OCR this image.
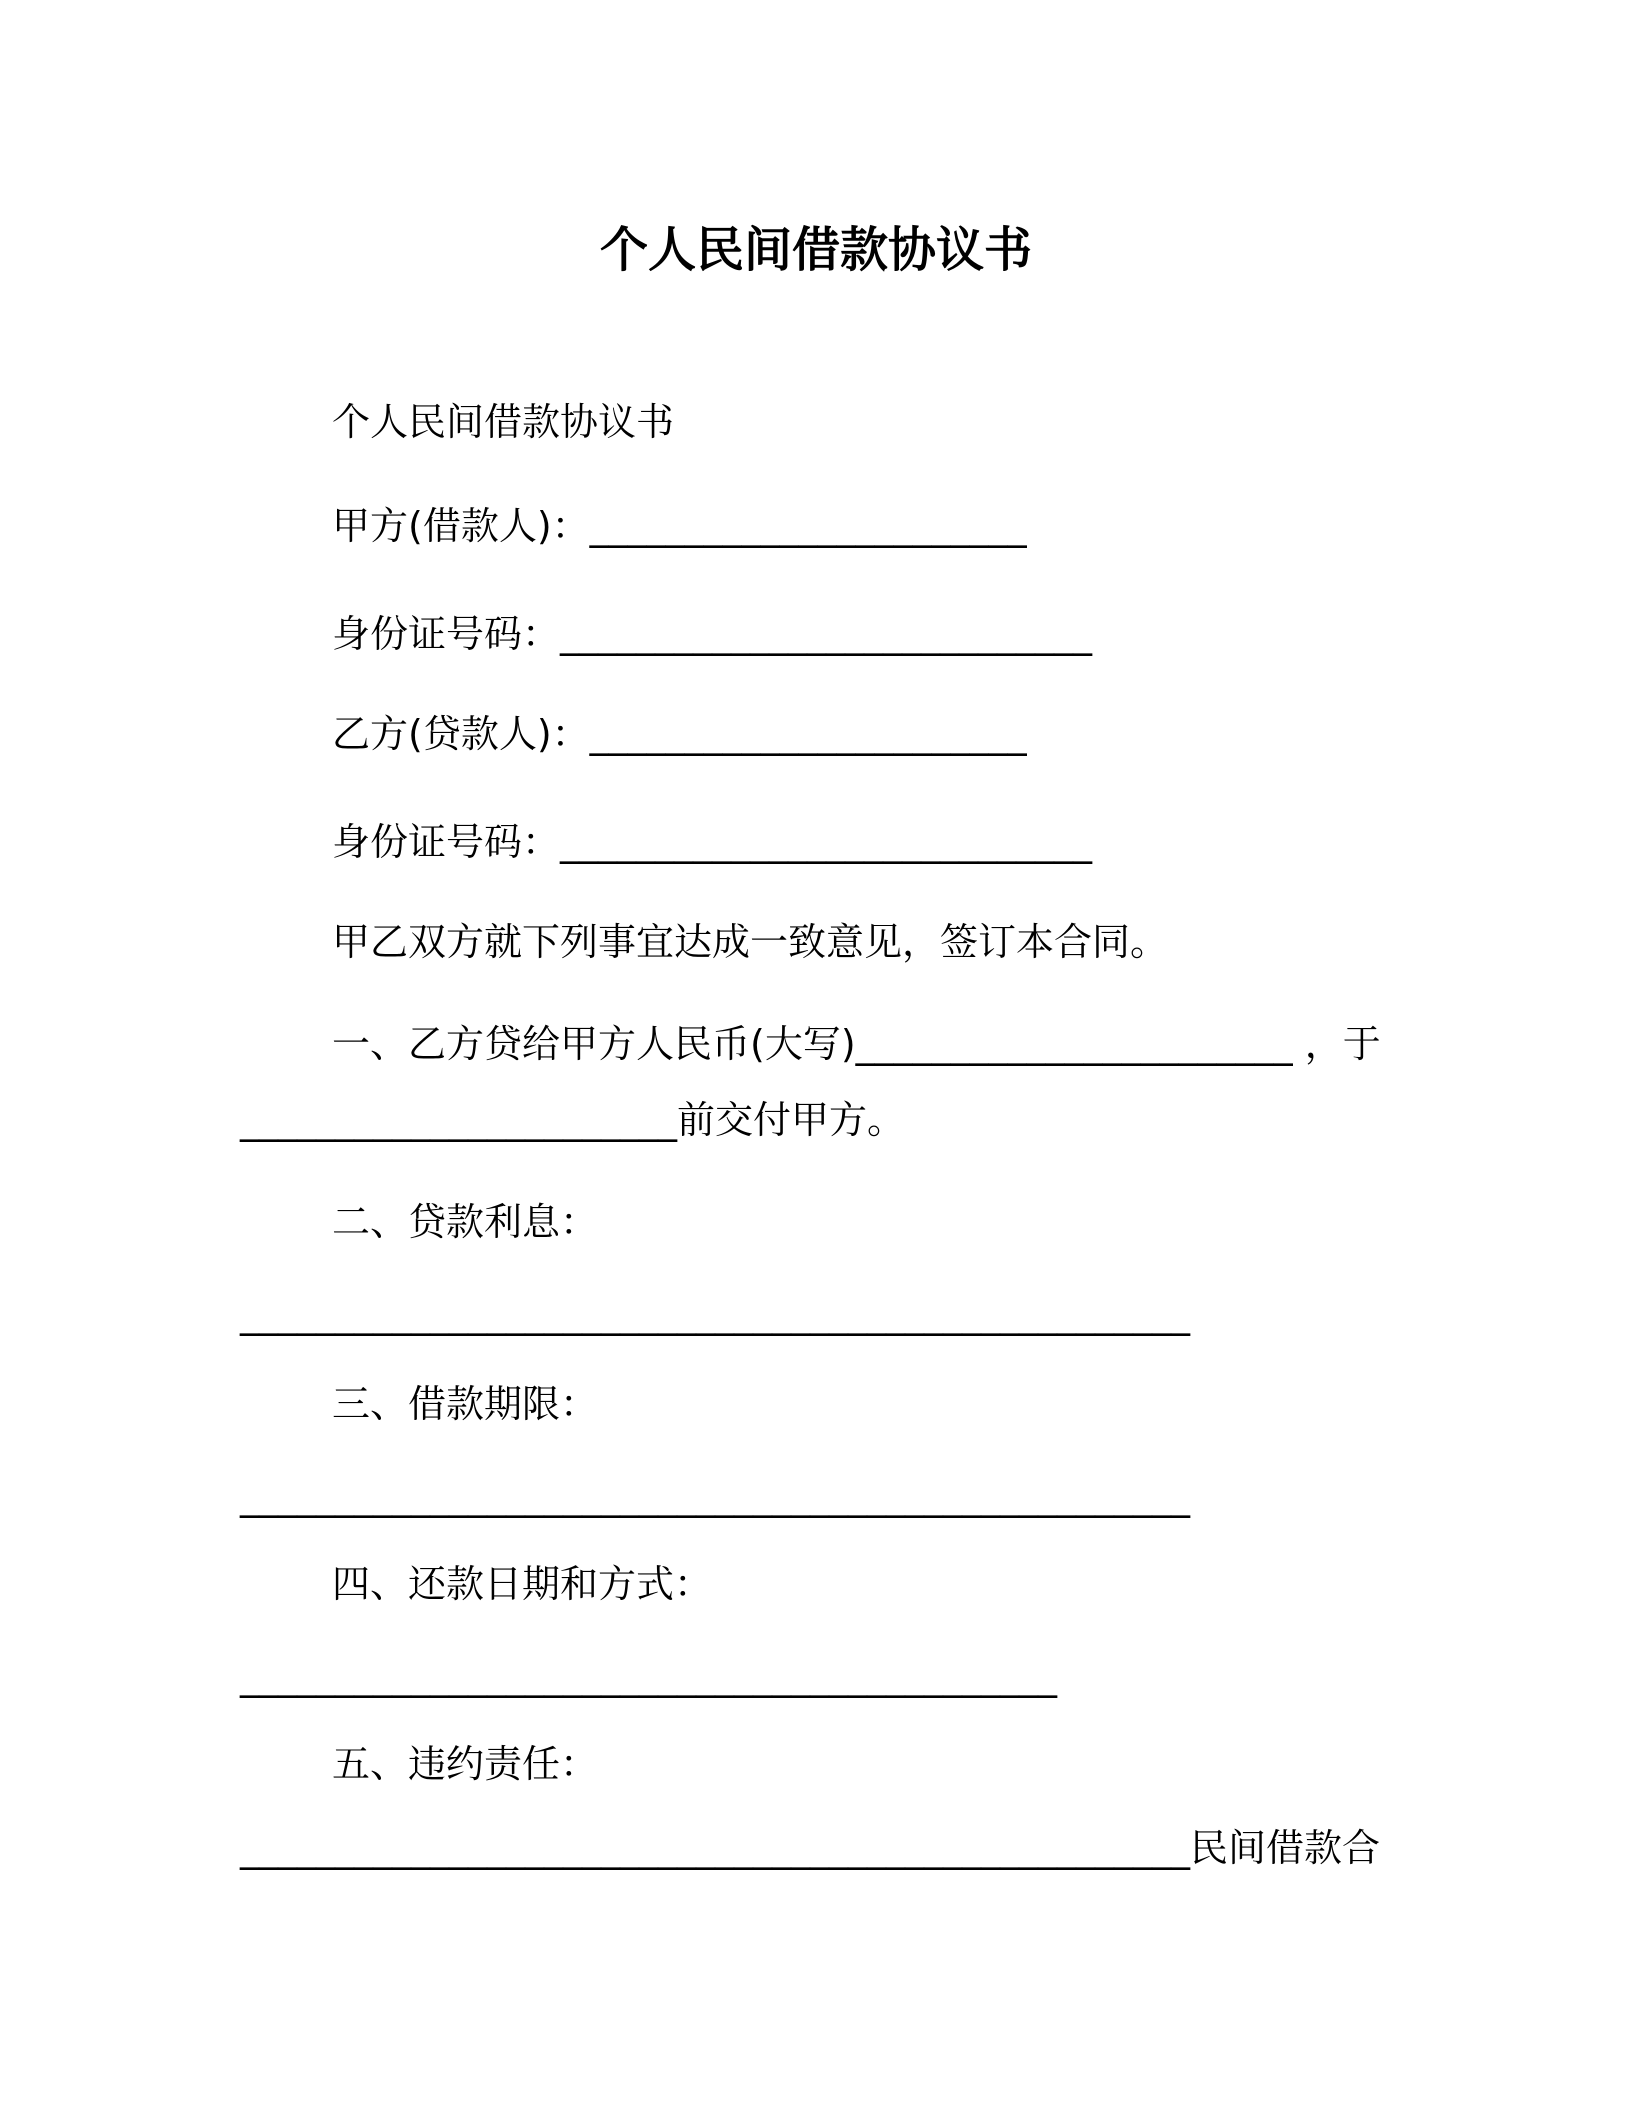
个人民间借款协议书
个人民间借款协议书
甲方(借款人)：_______________________
身份证号码：____________________________
乙方(贷款人)：_______________________
身份证号码：____________________________
甲乙双方就下列事宜达成一致意见，签订本合同。
一、乙方贷给甲方人民币(大写)_______________________ ，于
_______________________前交付甲方。
二、贷款利息：
__________________________________________________
三、借款期限：
__________________________________________________
四、还款日期和方式：
___________________________________________
五、违约责任：
__________________________________________________民间借款合
